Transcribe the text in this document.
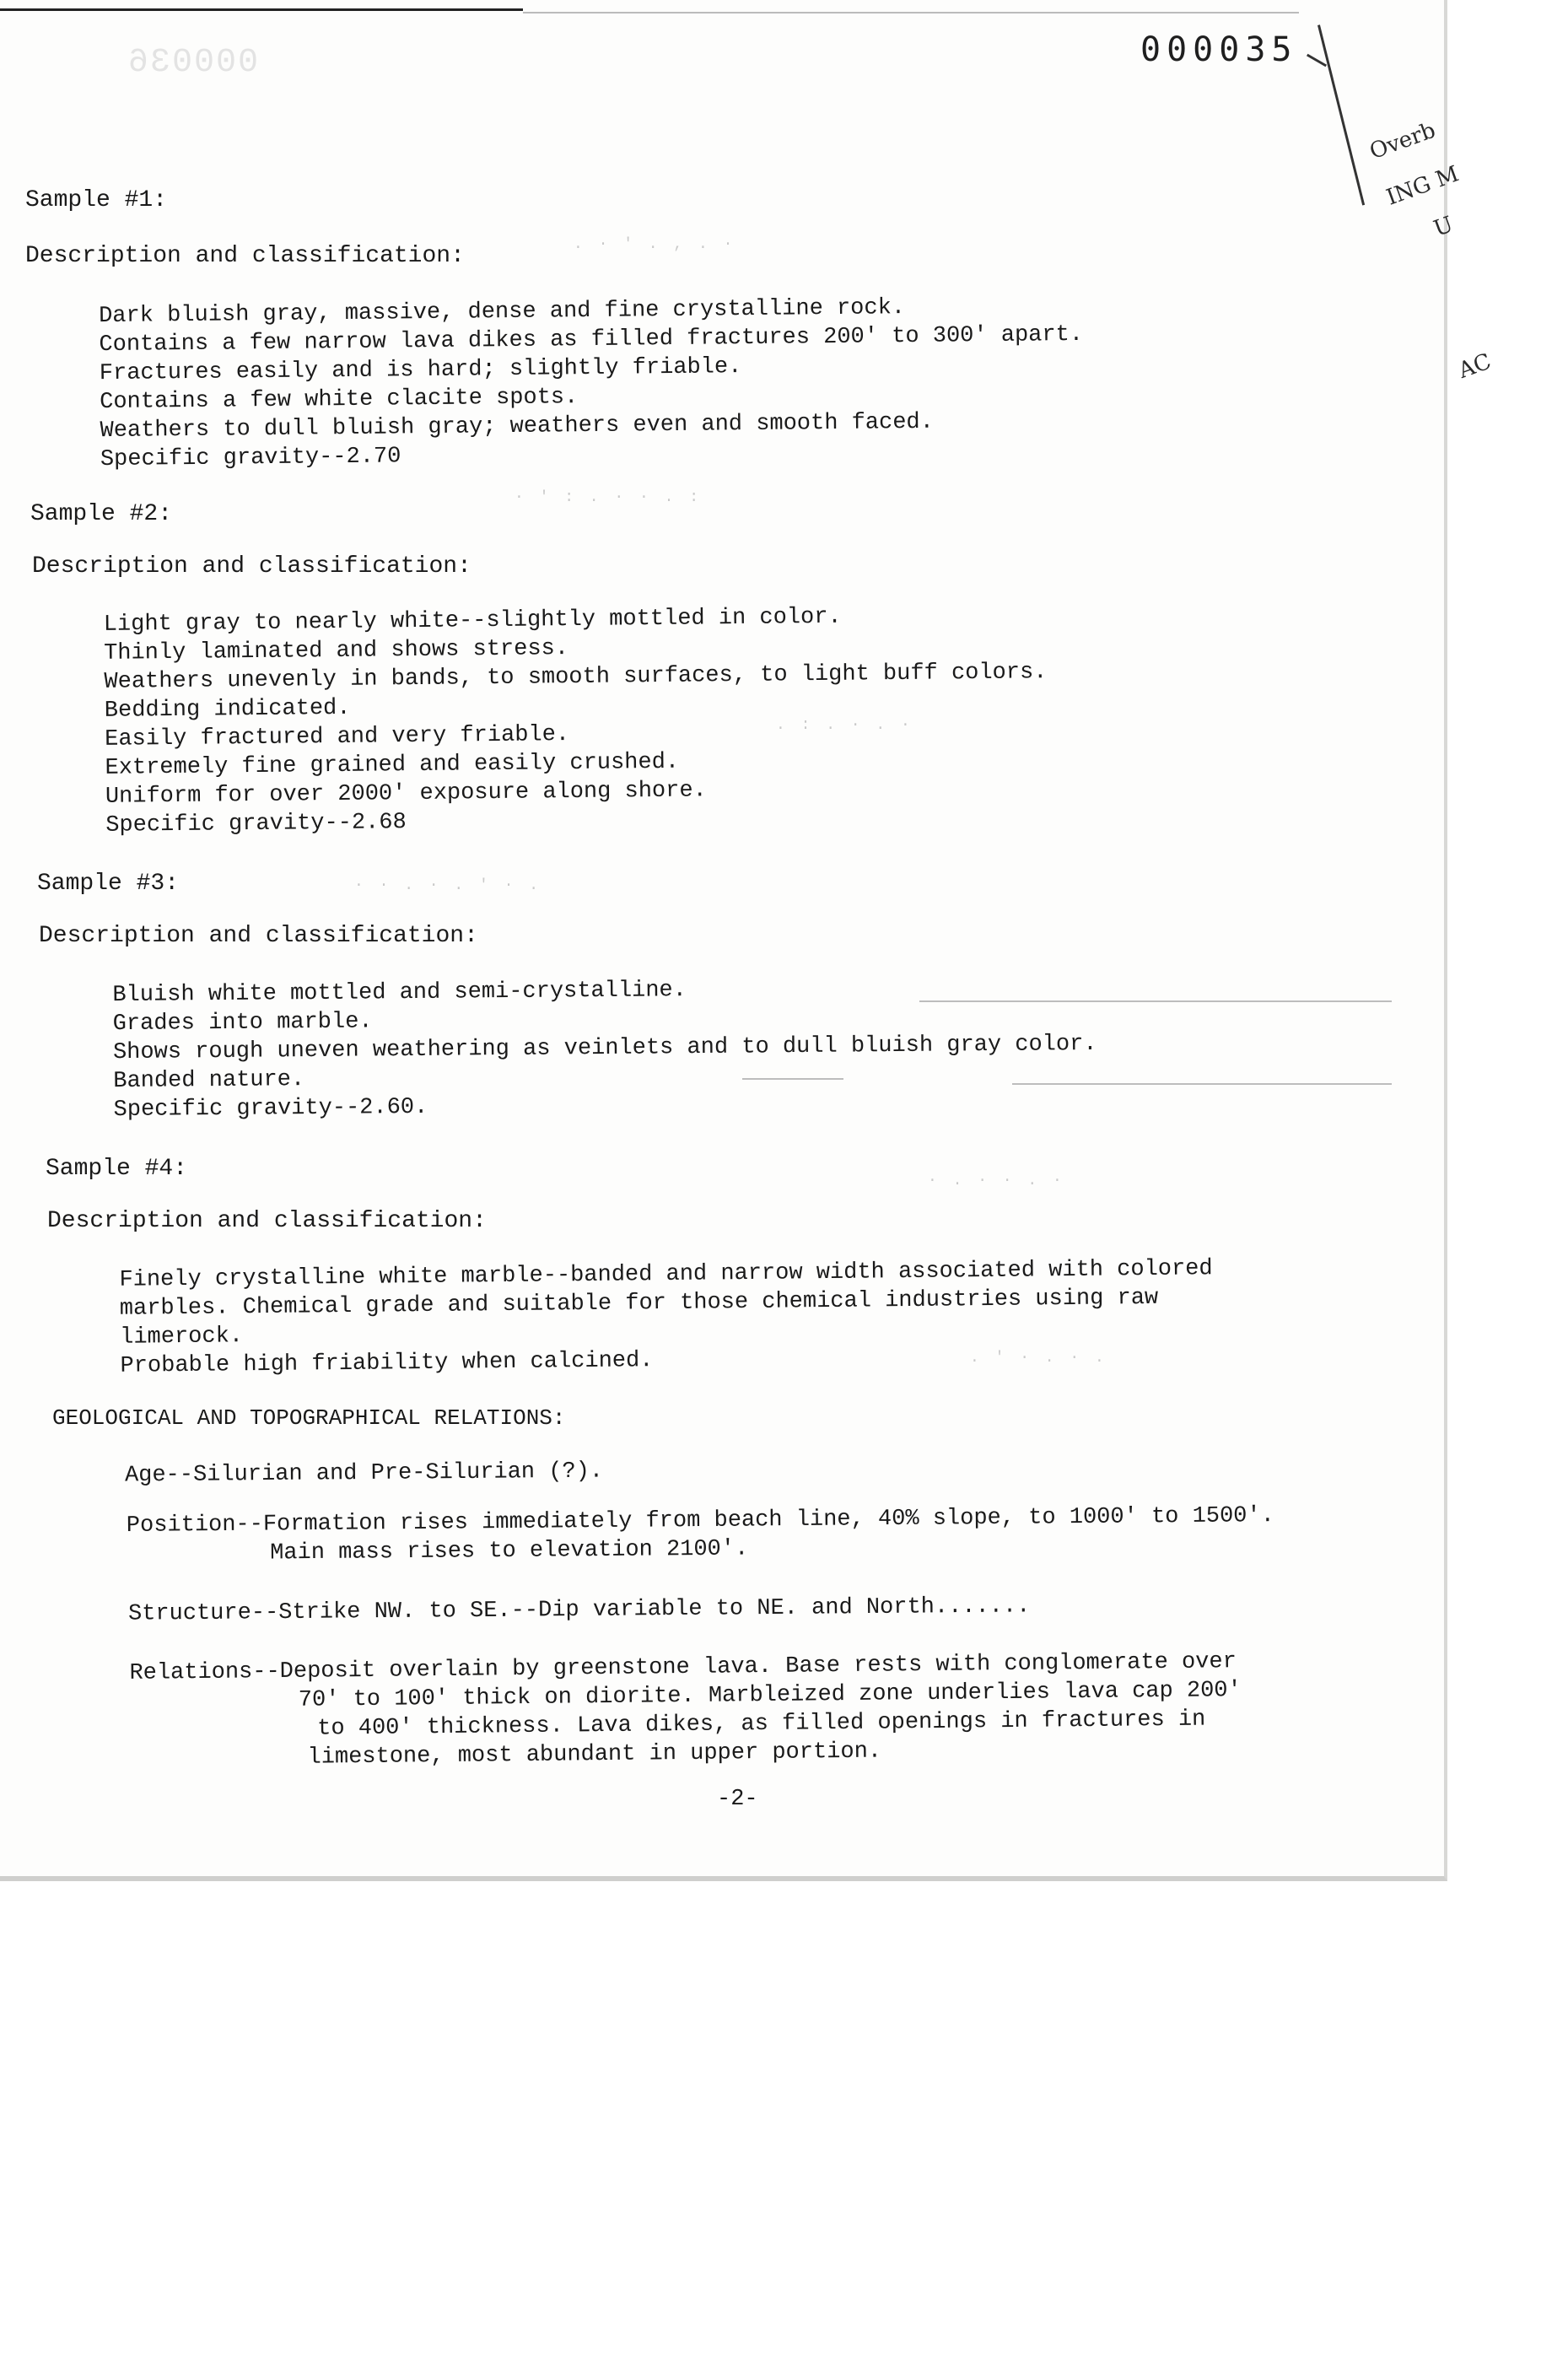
000036	000035
Overb
ING M
U
AC
Sample #1:
Description and classification:
Dark bluish gray, massive, dense and fine crystalline rock.
Contains a few narrow lava dikes as filled fractures 200' to 300' apart.
Fractures easily and is hard; slightly friable.
Contains a few white clacite spots.
Weathers to dull bluish gray; weathers even and smooth faced.
Specific gravity--2.70
Sample #2:
Description and classification:
Light gray to nearly white--slightly mottled in color.
Thinly laminated and shows stress.
Weathers unevenly in bands, to smooth surfaces, to light buff colors.
Bedding indicated.
Easily fractured and very friable.
Extremely fine grained and easily crushed.
Uniform for over 2000' exposure along shore.
Specific gravity--2.68
Sample #3:
Description and classification:
Bluish white mottled and semi-crystalline.
Grades into marble.
Shows rough uneven weathering as veinlets and to dull bluish gray color.
Banded nature.
Specific gravity--2.60.
Sample #4:
Description and classification:
Finely crystalline white marble--banded and narrow width associated with colored
marbles. Chemical grade and suitable for those chemical industries using raw
limerock.
Probable high friability when calcined.
GEOLOGICAL AND TOPOGRAPHICAL RELATIONS:
Age--Silurian and Pre-Silurian (?).
Position--Formation rises immediately from beach line, 40% slope, to 1000' to 1500'.
Main mass rises to elevation 2100'.
Structure--Strike NW. to SE.--Dip variable to NE. and North.......
Relations--Deposit overlain by greenstone lava. Base rests with conglomerate over
70' to 100' thick on diorite. Marbleized zone underlies lava cap 200'
to 400' thickness. Lava dikes, as filled openings in fractures in
limestone, most abundant in upper portion.
-2-
. · ' . , . ·
· ' : . · · . :
. : . · . ·
· · . · . ' · .
· . · · . ·
. ' · . · .
